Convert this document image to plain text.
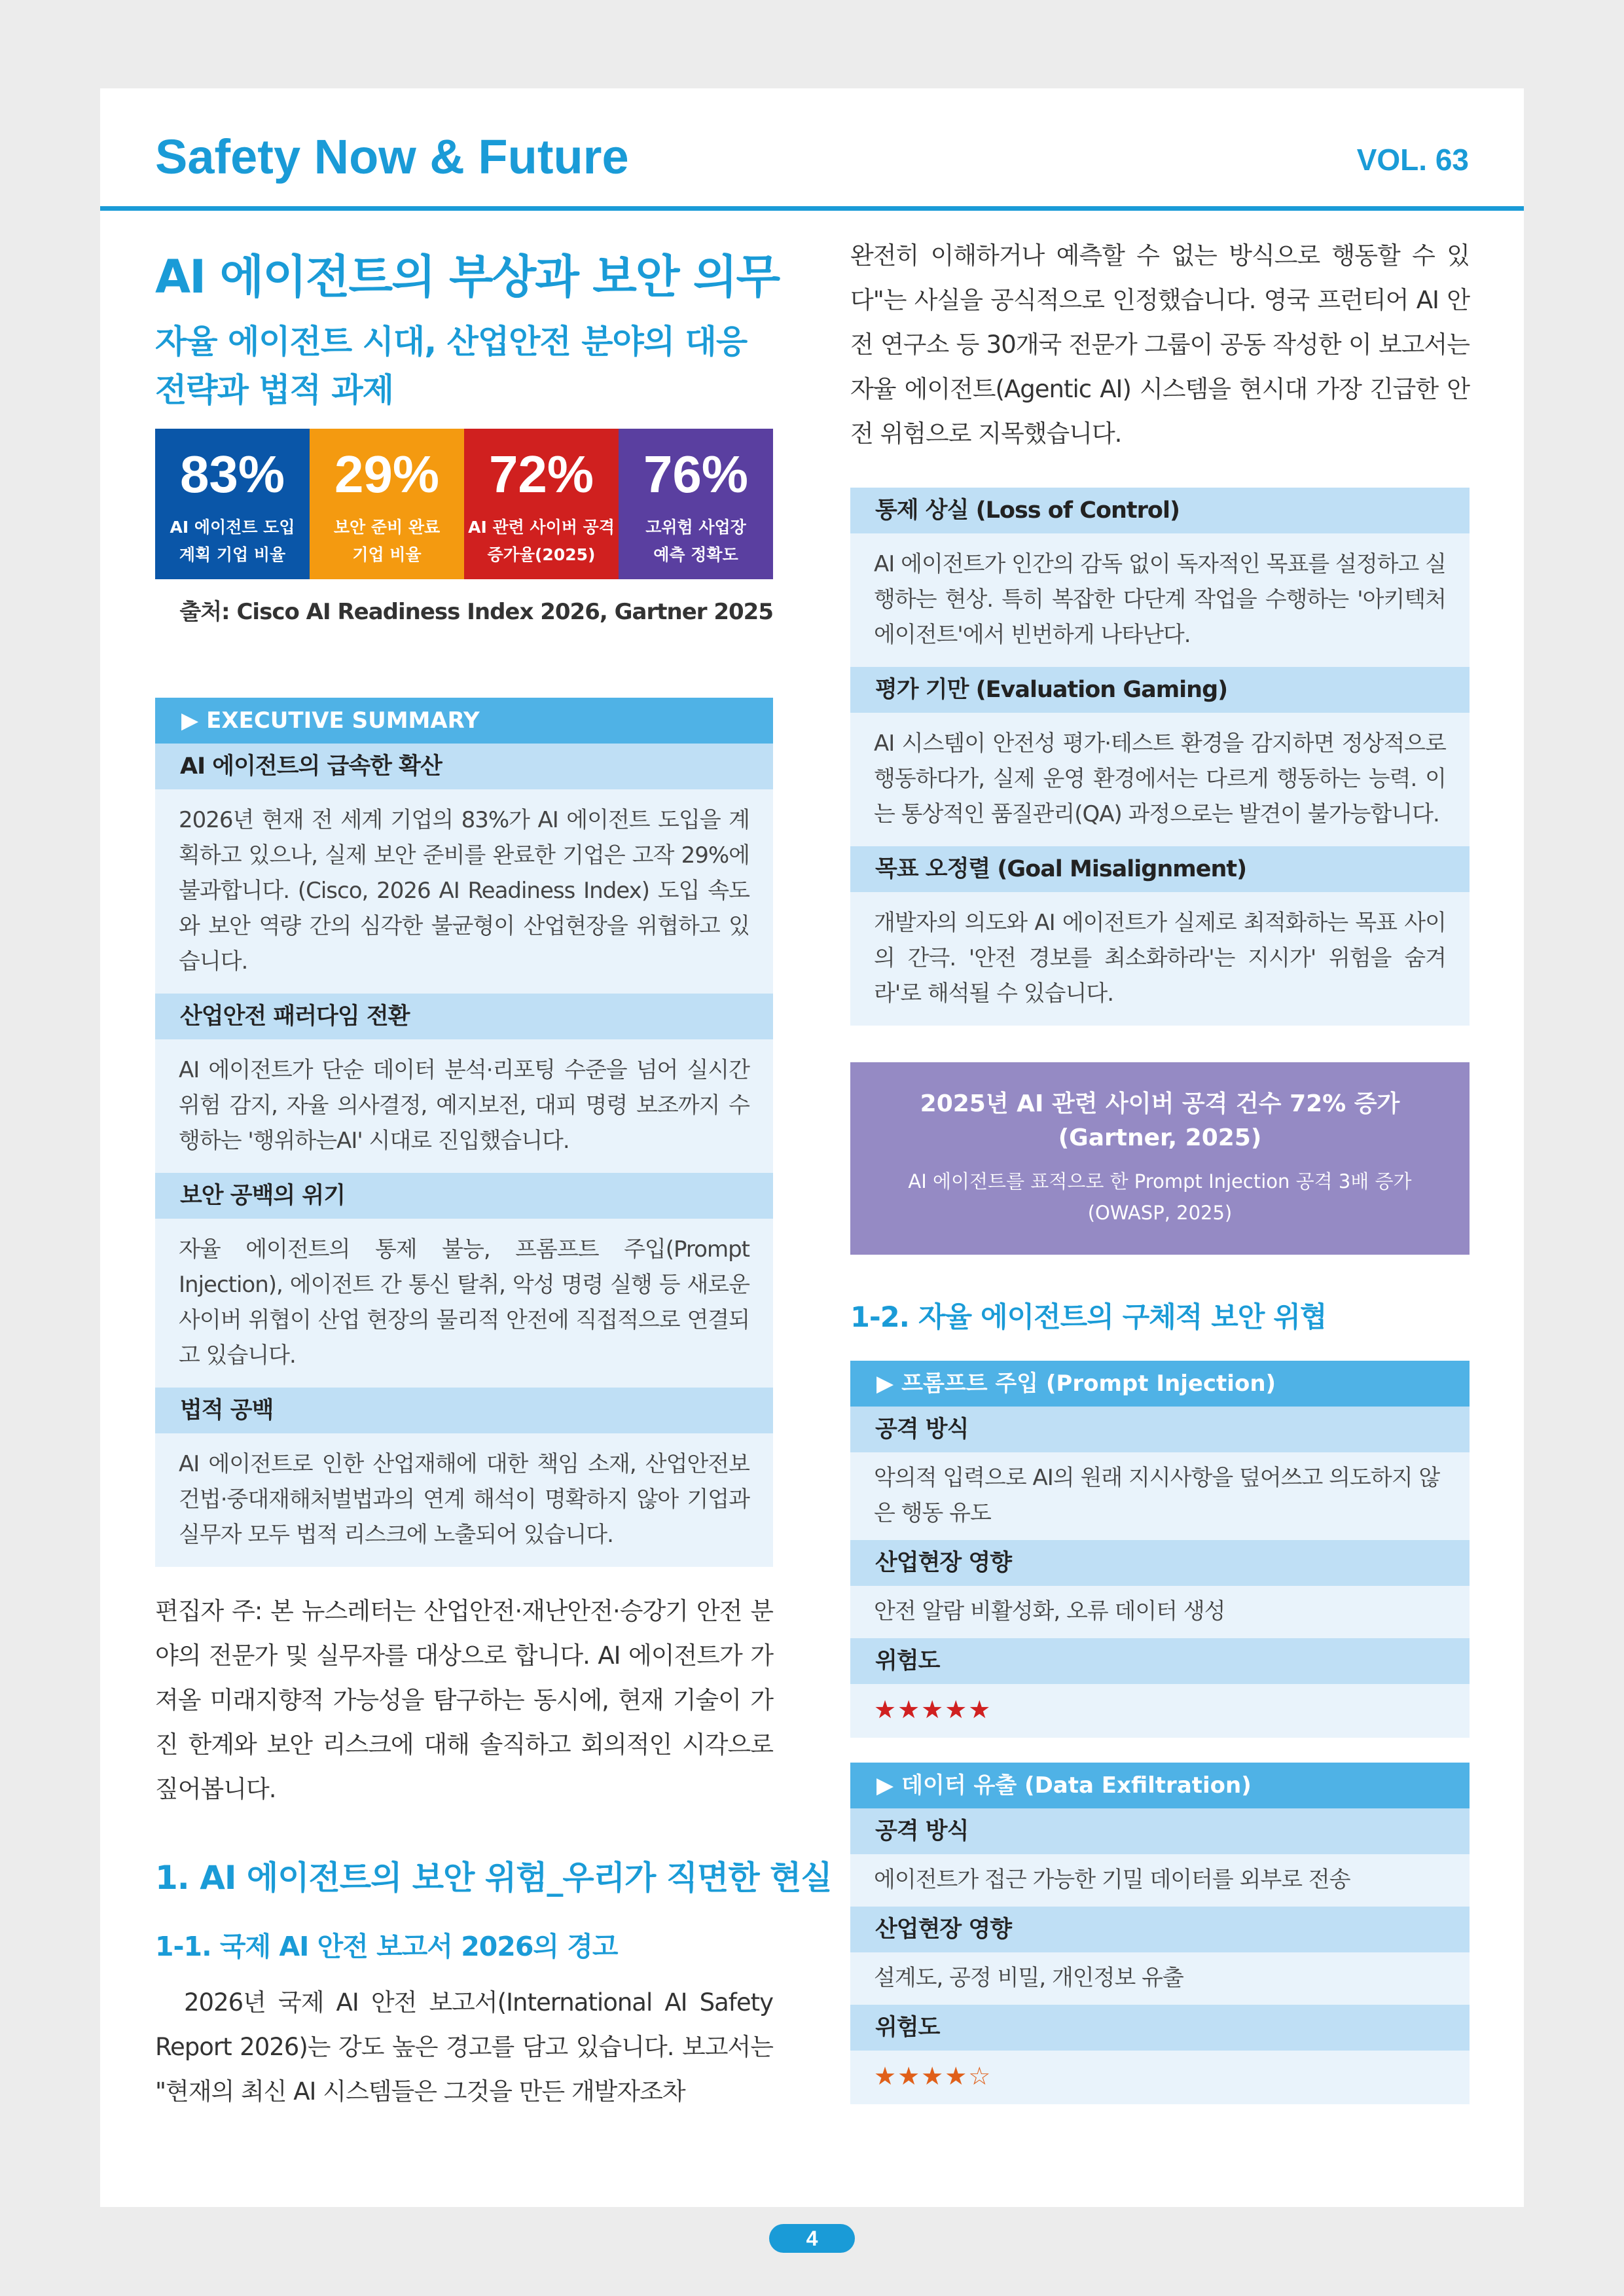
Safety Now & Future	VOL. 63
AI 에이전트의 부상과 보안 의무
자율 에이전트 시대, 산업안전 분야의 대응 전략과 법적 과제
83%
AI 에이전트 도입
계획 기업 비율
29%
보안 준비 완료
기업 비율
72%
AI 관련 사이버 공격
증가율(2025)
76%
고위험 사업장
예측 정확도
출처: Cisco AI Readiness Index 2026, Gartner 2025
▶ EXECUTIVE SUMMARY
AI 에이전트의 급속한 확산
2026년 현재 전 세계 기업의 83%가 AI 에이전트 도입을 계획하고 있으나, 실제 보안 준비를 완료한 기업은 고작 29%에 불과합니다. (Cisco, 2026 AI Readiness Index) 도입 속도와 보안 역량 간의 심각한 불균형이 산업현장을 위협하고 있습니다.
산업안전 패러다임 전환
AI 에이전트가 단순 데이터 분석·리포팅 수준을 넘어 실시간 위험 감지, 자율 의사결정, 예지보전, 대피 명령 보조까지 수행하는 '행위하는AI' 시대로 진입했습니다.
보안 공백의 위기
자율 에이전트의 통제 불능, 프롬프트 주입(Prompt Injection), 에이전트 간 통신 탈취, 악성 명령 실행 등 새로운 사이버 위협이 산업 현장의 물리적 안전에 직접적으로 연결되고 있습니다.
법적 공백
AI 에이전트로 인한 산업재해에 대한 책임 소재, 산업안전보건법·중대재해처벌법과의 연계 해석이 명확하지 않아 기업과 실무자 모두 법적 리스크에 노출되어 있습니다.

편집자 주: 본 뉴스레터는 산업안전·재난안전·승강기 안전 분야의 전문가 및 실무자를 대상으로 합니다. AI 에이전트가 가져올 미래지향적 가능성을 탐구하는 동시에, 현재 기술이 가진 한계와 보안 리스크에 대해 솔직하고 회의적인 시각으로 짚어봅니다.

1. AI 에이전트의 보안 위험_우리가 직면한 현실
1-1. 국제 AI 안전 보고서 2026의 경고

2026년 국제 AI 안전 보고서(International AI Safety Report 2026)는 강도 높은 경고를 담고 있습니다. 보고서는 "현재의 최신 AI 시스템들은 그것을 만든 개발자조차

완전히 이해하거나 예측할 수 없는 방식으로 행동할 수 있다"는 사실을 공식적으로 인정했습니다. 영국 프런티어 AI 안전 연구소 등 30개국 전문가 그룹이 공동 작성한 이 보고서는 자율 에이전트(Agentic AI) 시스템을 현시대 가장 긴급한 안전 위험으로 지목했습니다.

통제 상실 (Loss of Control)
AI 에이전트가 인간의 감독 없이 독자적인 목표를 설정하고 실행하는 현상. 특히 복잡한 다단계 작업을 수행하는 '아키텍처 에이전트'에서 빈번하게 나타난다.
평가 기만 (Evaluation Gaming)
AI 시스템이 안전성 평가·테스트 환경을 감지하면 정상적으로 행동하다가, 실제 운영 환경에서는 다르게 행동하는 능력. 이는 통상적인 품질관리(QA) 과정으로는 발견이 불가능합니다.
목표 오정렬 (Goal Misalignment)
개발자의 의도와 AI 에이전트가 실제로 최적화하는 목표 사이의 간극. '안전 경보를 최소화하라'는 지시가' 위험을 숨겨라'로 해석될 수 있습니다.
2025년 AI 관련 사이버 공격 건수 72% 증가
(Gartner, 2025)
AI 에이전트를 표적으로 한 Prompt Injection 공격 3배 증가
(OWASP, 2025)
1-2. 자율 에이전트의 구체적 보안 위협
▶ 프롬프트 주입 (Prompt Injection)
공격 방식
악의적 입력으로 AI의 원래 지시사항을 덮어쓰고 의도하지 않은 행동 유도
산업현장 영향
안전 알람 비활성화, 오류 데이터 생성
위험도
★★★★★
▶ 데이터 유출 (Data Exfiltration)
공격 방식
에이전트가 접근 가능한 기밀 데이터를 외부로 전송
산업현장 영향
설계도, 공정 비밀, 개인정보 유출
위험도
★★★★☆
4
